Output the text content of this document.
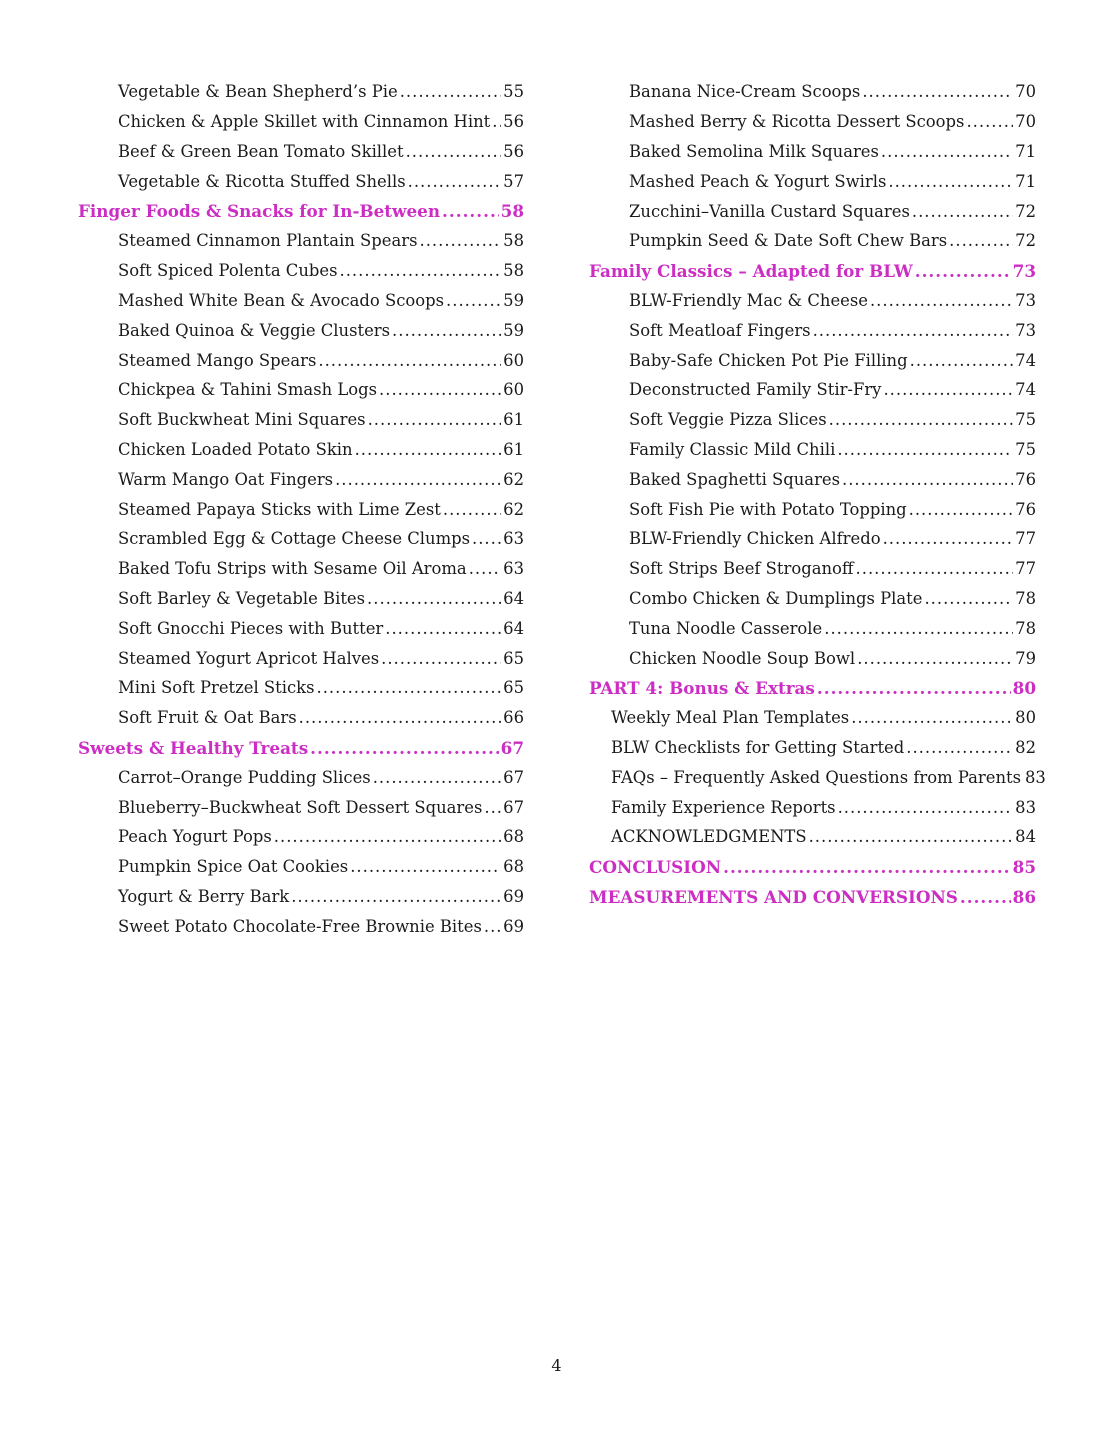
Vegetable & Bean Shepherd’s Pie .....	55
Chicken & Apple Skillet with Cinnamon Hint ..... 56
Beef & Green Bean Tomato Skillet .....	56
Vegetable & Ricotta Stuffed Shells .....	57
Finger Foods & Snacks for In-Between .....	58
Steamed Cinnamon Plantain Spears .....	58
Soft Spiced Polenta Cubes .....	58
Mashed White Bean & Avocado Scoops .....	59
Baked Quinoa & Veggie Clusters .....	59
Steamed Mango Spears .....	60
Chickpea & Tahini Smash Logs .....	60
Soft Buckwheat Mini Squares .....	61
Chicken Loaded Potato Skin .....	61
Warm Mango Oat Fingers .....	62
Steamed Papaya Sticks with Lime Zest .....	62
Scrambled Egg & Cottage Cheese Clumps ..... 63
Baked Tofu Strips with Sesame Oil Aroma ..... 63
Soft Barley & Vegetable Bites .....	64
Soft Gnocchi Pieces with Butter .....	64
Steamed Yogurt Apricot Halves .....	65
Mini Soft Pretzel Sticks .....	65
Soft Fruit & Oat Bars .....	66
Sweets & Healthy Treats .....	67
Carrot–Orange Pudding Slices .....	67
Blueberry–Buckwheat Soft Dessert Squares ..... 67
Peach Yogurt Pops .....	68
Pumpkin Spice Oat Cookies .....	68
Yogurt & Berry Bark .....	69
Sweet Potato Chocolate-Free Brownie Bites ..... 69
Banana Nice-Cream Scoops .....	70
Mashed Berry & Ricotta Dessert Scoops .....	70
Baked Semolina Milk Squares .....	71
Mashed Peach & Yogurt Swirls .....	71
Zucchini–Vanilla Custard Squares .....	72
Pumpkin Seed & Date Soft Chew Bars .....	72
Family Classics – Adapted for BLW .....	73
BLW-Friendly Mac & Cheese .....	73
Soft Meatloaf Fingers .....	73
Baby-Safe Chicken Pot Pie Filling .....	74
Deconstructed Family Stir-Fry .....	74
Soft Veggie Pizza Slices .....	75
Family Classic Mild Chili .....	75
Baked Spaghetti Squares .....	76
Soft Fish Pie with Potato Topping .....	76
BLW-Friendly Chicken Alfredo .....	77
Soft Strips Beef Stroganoff .....	77
Combo Chicken & Dumplings Plate .....	78
Tuna Noodle Casserole .....	78
Chicken Noodle Soup Bowl .....	79
PART 4: Bonus & Extras .....	80
Weekly Meal Plan Templates .....	80
BLW Checklists for Getting Started .....	82
FAQs – Frequently Asked Questions from Parents 83
Family Experience Reports .....	83
ACKNOWLEDGMENTS .....	84
CONCLUSION .....	85
MEASUREMENTS AND CONVERSIONS .....	86
4
